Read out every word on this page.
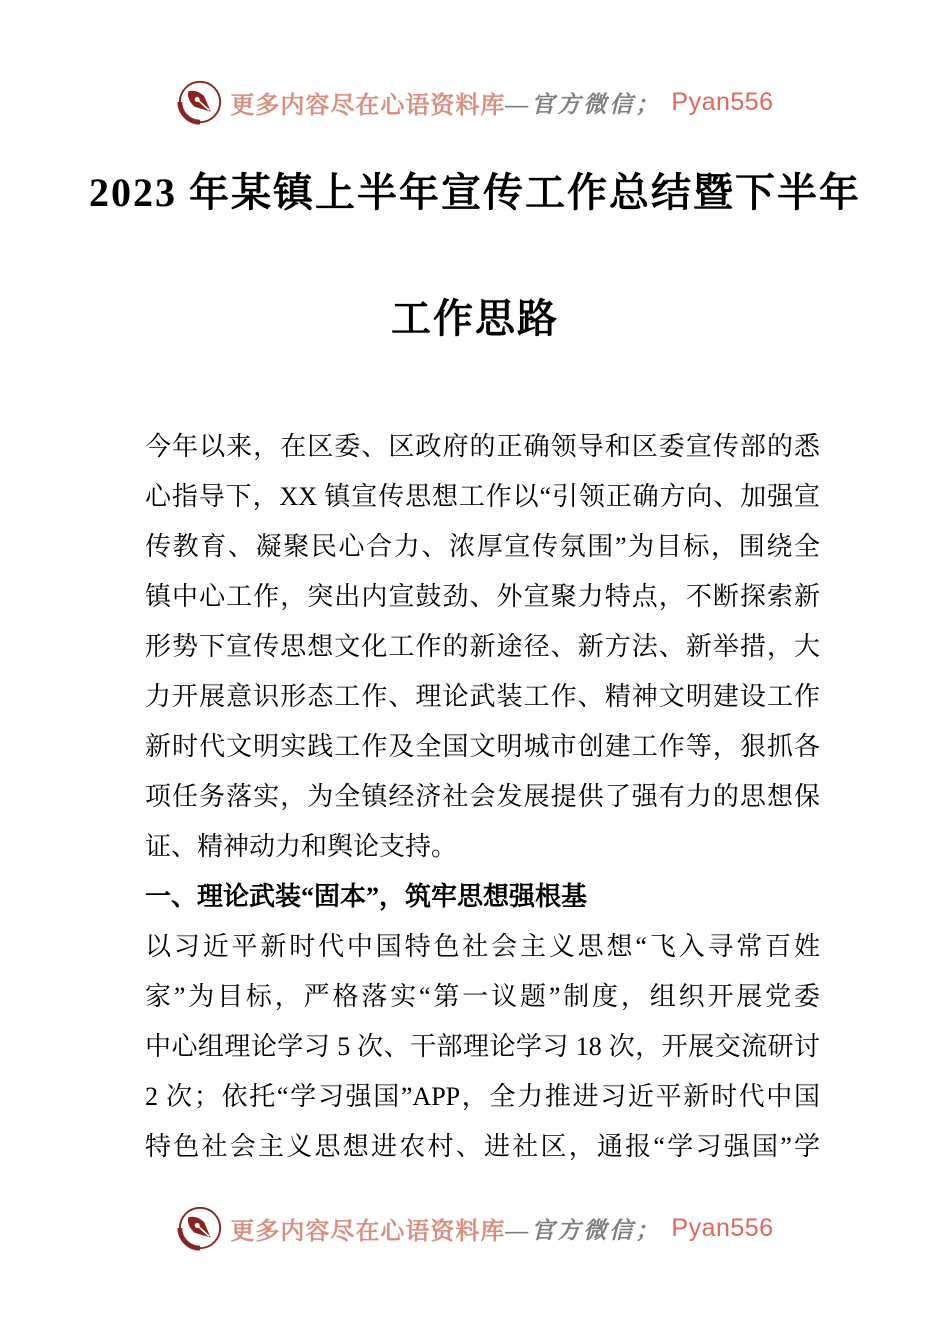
更多内容尽在心语资料库 —官方微信； Pyan556
2023 年某镇上半年宣传工作总结暨下半年
工作思路
今年以来，在区委、区政府的正确领导和区委宣传部的悉
心指导下，XX 镇宣传思想工作以“引领正确方向、加强宣
传教育、凝聚民心合力、浓厚宣传氛围”为目标，围绕全
镇中心工作，突出内宣鼓劲、外宣聚力特点，不断探索新
形势下宣传思想文化工作的新途径、新方法、新举措，大
力开展意识形态工作、理论武装工作、精神文明建设工作
新时代文明实践工作及全国文明城市创建工作等，狠抓各
项任务落实，为全镇经济社会发展提供了强有力的思想保
证、精神动力和舆论支持。
一、理论武装“固本”，筑牢思想强根基
以习近平新时代中国特色社会主义思想“飞入寻常百姓
家”为目标，严格落实“第一议题”制度，组织开展党委
中心组理论学习 5 次、干部理论学习 18 次，开展交流研讨
2 次；依托“学习强国”APP，全力推进习近平新时代中国
特色社会主义思想进农村、进社区，通报“学习强国”学
更多内容尽在心语资料库 —官方微信； Pyan556
